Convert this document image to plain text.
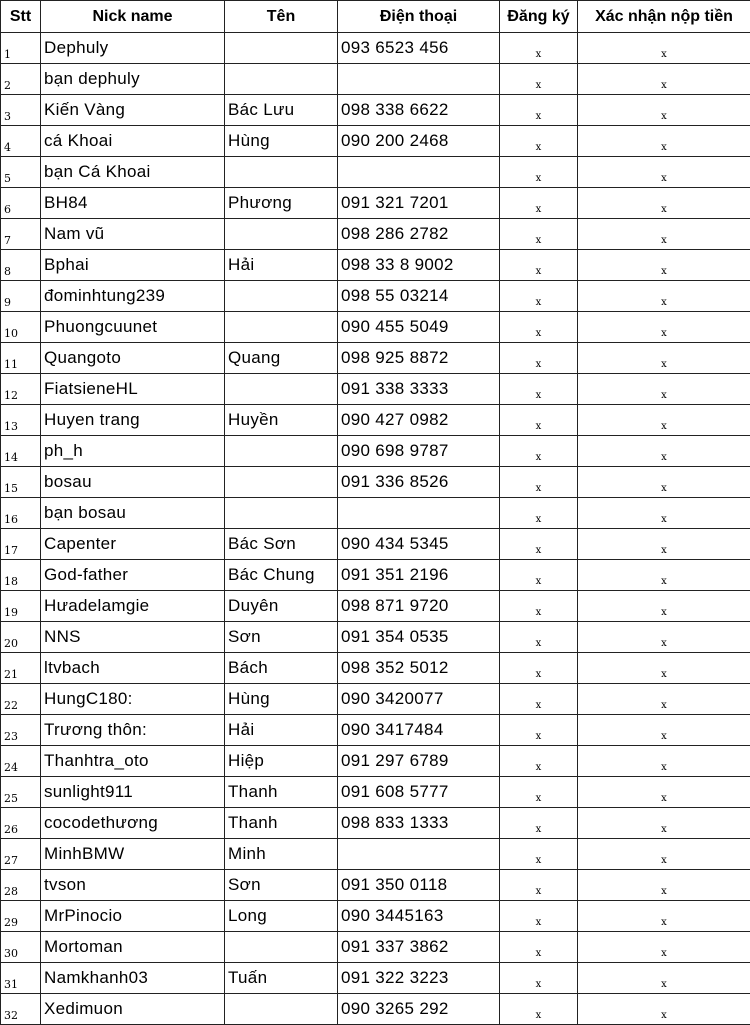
Stt	Nick name	Tên	Điện thoại	Đăng ký	Xác nhận nộp tiền
1	Dephuly		093 6523 456	x	x
2	bạn dephuly			x	x
3	Kiến Vàng	Bác Lưu	098 338 6622	x	x
4	cá Khoai	Hùng	090 200 2468	x	x
5	bạn Cá Khoai			x	x
6	BH84	Phương	091 321 7201	x	x
7	Nam vũ		098 286 2782	x	x
8	Bphai	Hải	098 33 8 9002	x	x
9	đominhtung239		098 55 03214	x	x
10	Phuongcuunet		090 455 5049	x	x
11	Quangoto	Quang	098 925 8872	x	x
12	FiatsieneHL		091 338 3333	x	x
13	Huyen trang	Huyền	090 427 0982	x	x
14	ph_h		090 698 9787	x	x
15	bosau		091 336 8526	x	x
16	bạn bosau			x	x
17	Capenter	Bác Sơn	090 434 5345	x	x
18	God-father	Bác Chung	091 351 2196	x	x
19	Hưadelamgie	Duyên	098 871 9720	x	x
20	NNS	Sơn	091 354 0535	x	x
21	ltvbach	Bách	098 352 5012	x	x
22	HungC180:	Hùng	090 3420077	x	x
23	Trương thôn:	Hải	090 3417484	x	x
24	Thanhtra_oto	Hiệp	091 297 6789	x	x
25	sunlight911	Thanh	091 608 5777	x	x
26	cocodethương	Thanh	098 833 1333	x	x
27	MinhBMW	Minh		x	x
28	tvson	Sơn	091 350 0118	x	x
29	MrPinocio	Long	090 3445163	x	x
30	Mortoman		091 337 3862	x	x
31	Namkhanh03	Tuấn	091 322 3223	x	x
32	Xedimuon		090 3265 292	x	x
